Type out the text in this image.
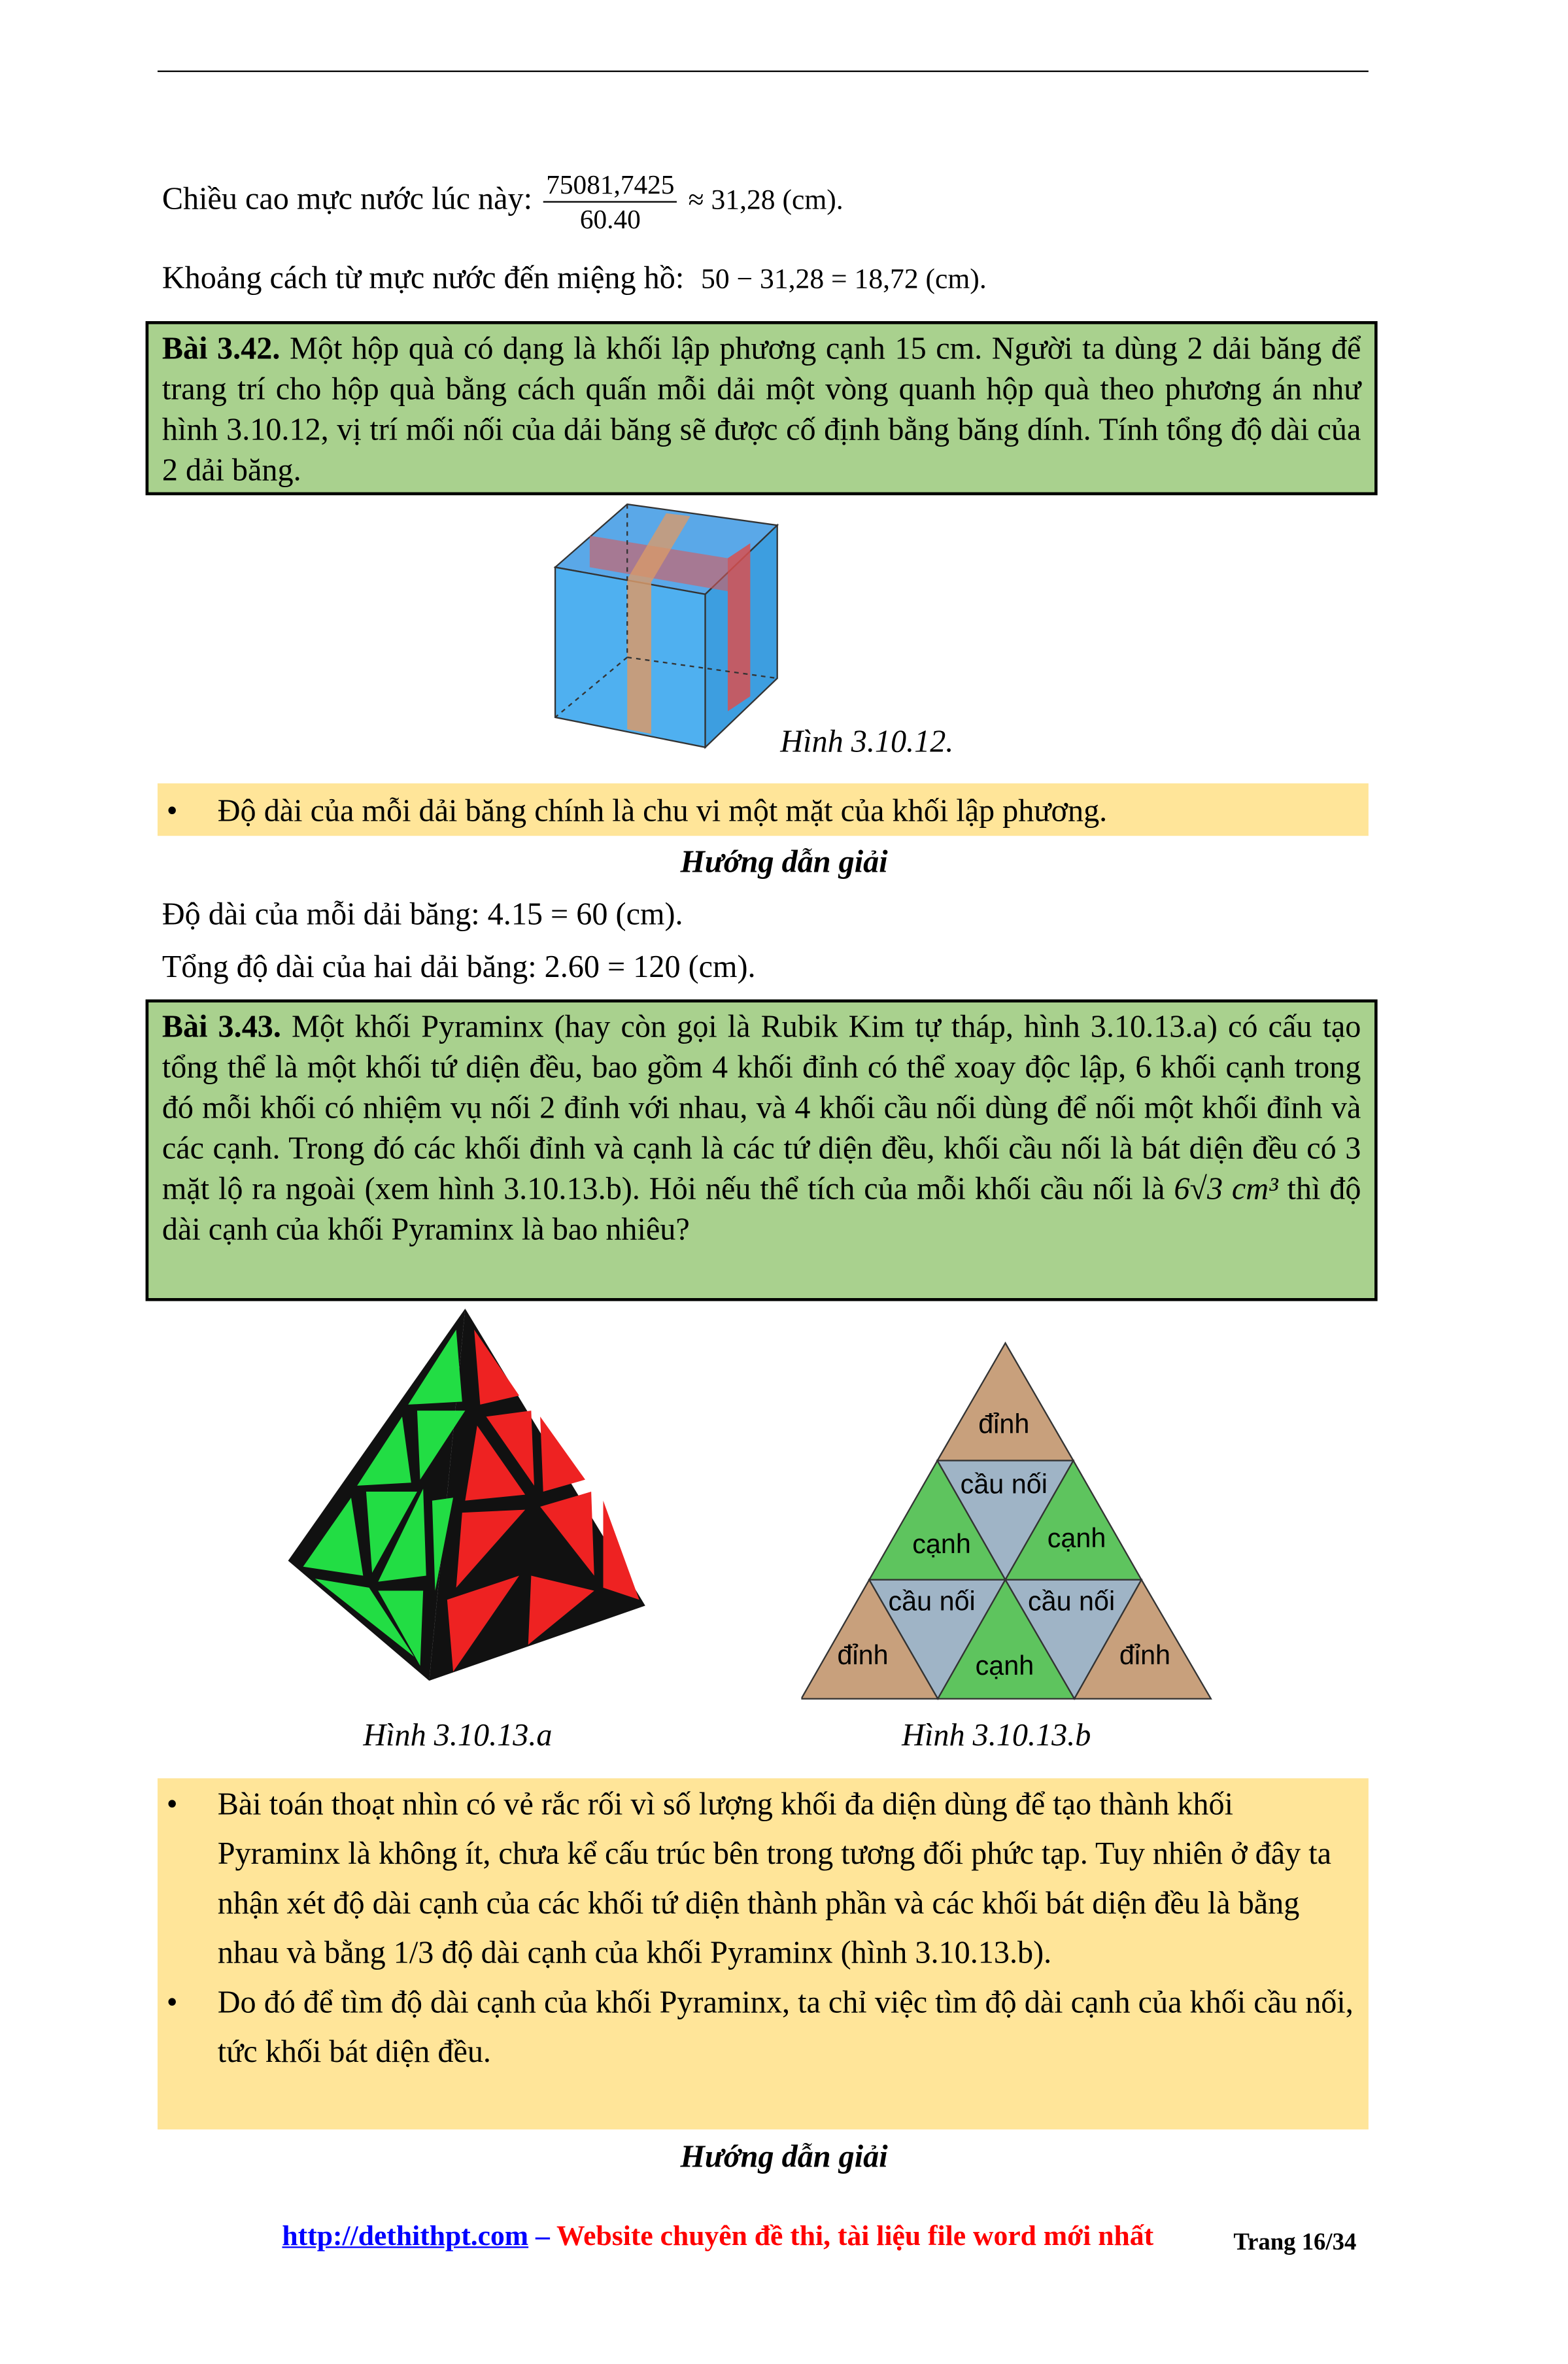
Chiều cao mực nước lúc này: $\frac{75081,7425}{60.40} \approx 31,28$ (cm).
Khoảng cách từ mực nước đến miệng hồ: 50 − 31,28 = 18,72 (cm).
Bài 3.42. Một hộp quà có dạng là khối lập phương cạnh 15 cm. Người ta dùng 2 dải băng để trang trí cho hộp quà bằng cách quấn mỗi dải một vòng quanh hộp quà theo phương án như hình 3.10.12, vị trí mối nối của dải băng sẽ được cố định bằng băng dính. Tính tổng độ dài của 2 dải băng.
Hình 3.10.12.
• Độ dài của mỗi dải băng chính là chu vi một mặt của khối lập phương.
Hướng dẫn giải
Độ dài của mỗi dải băng: 4.15 = 60 (cm).
Tổng độ dài của hai dải băng: 2.60 = 120 (cm).
Bài 3.43. Một khối Pyraminx (hay còn gọi là Rubik Kim tự tháp, hình 3.10.13.a) có cấu tạo tổng thể là một khối tứ diện đều, bao gồm 4 khối đỉnh có thể xoay độc lập, 6 khối cạnh trong đó mỗi khối có nhiệm vụ nối 2 đỉnh với nhau, và 4 khối cầu nối dùng để nối một khối đỉnh và các cạnh. Trong đó các khối đỉnh và cạnh là các tứ diện đều, khối cầu nối là bát diện đều có 3 mặt lộ ra ngoài (xem hình 3.10.13.b). Hỏi nếu thể tích của mỗi khối cầu nối là 6√3 cm³ thì độ dài cạnh của khối Pyraminx là bao nhiêu?
đỉnh
cầu nối
cạnh	cạnh
cầu nối	cầu nối
đỉnh	cạnh	đỉnh
Hình 3.10.13.a	Hình 3.10.13.b
• Bài toán thoạt nhìn có vẻ rắc rối vì số lượng khối đa diện dùng để tạo thành khối Pyraminx là không ít, chưa kể cấu trúc bên trong tương đối phức tạp. Tuy nhiên ở đây ta nhận xét độ dài cạnh của các khối tứ diện thành phần và các khối bát diện đều là bằng nhau và bằng 1/3 độ dài cạnh của khối Pyraminx (hình 3.10.13.b).
• Do đó để tìm độ dài cạnh của khối Pyraminx, ta chỉ việc tìm độ dài cạnh của khối cầu nối, tức khối bát diện đều.
Hướng dẫn giải
http://dethithpt.com – Website chuyên đề thi, tài liệu file word mới nhất	Trang 16/34
